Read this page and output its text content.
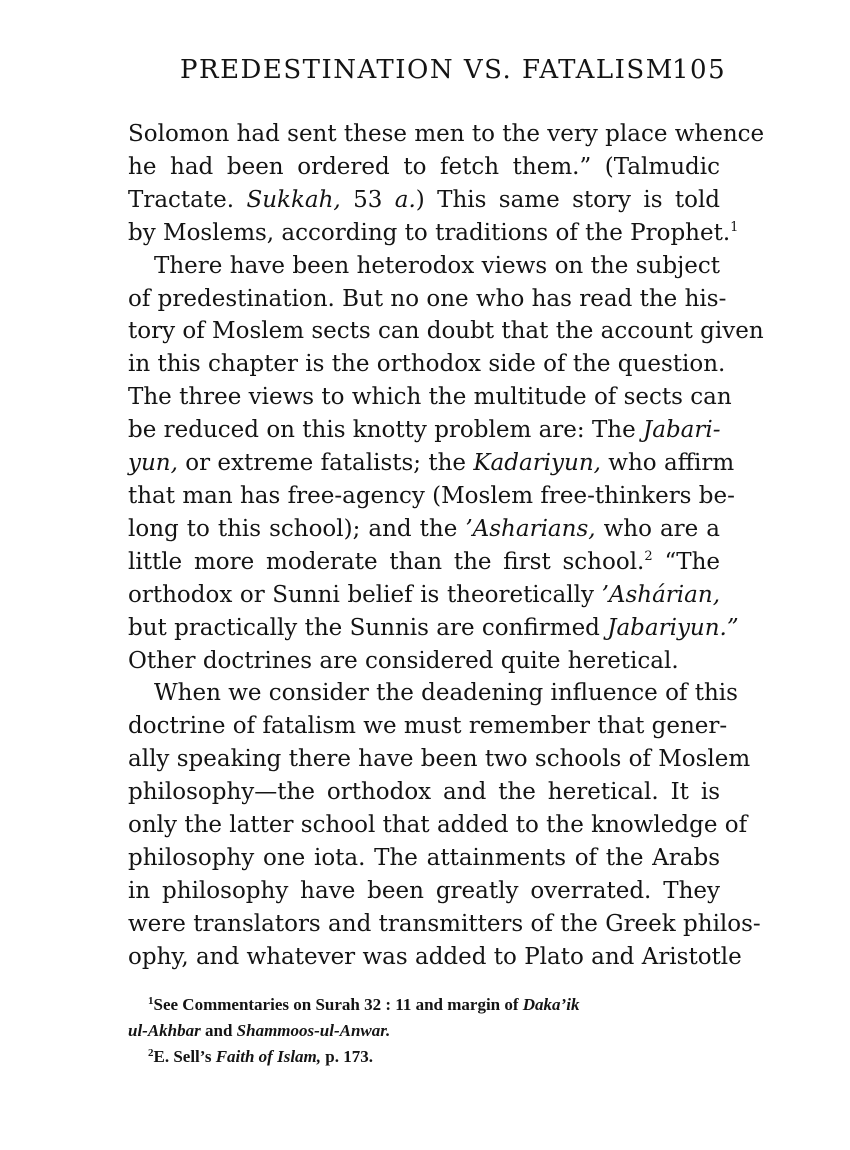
PREDESTINATION VS. FATALISM
105
Solomon had sent these men to the very place whence
he had been ordered to fetch them.” (Talmudic
Tractate. Sukkah, 53 a.) This same story is told
by Moslems, according to traditions of the Prophet.$^1$
There have been heterodox views on the subject
of predestination. But no one who has read the his-
tory of Moslem sects can doubt that the account given
in this chapter is the orthodox side of the question.
The three views to which the multitude of sects can
be reduced on this knotty problem are: The Jabari-
yun, or extreme fatalists; the Kadariyun, who affirm
that man has free-agency (Moslem free-thinkers be-
long to this school); and the ’Asharians, who are a
little more moderate than the first school.$^2$ “The
orthodox or Sunni belief is theoretically ’Ashárian,
but practically the Sunnis are confirmed Jabariyun.”
Other doctrines are considered quite heretical.
When we consider the deadening influence of this
doctrine of fatalism we must remember that gener-
ally speaking there have been two schools of Moslem
philosophy—the orthodox and the heretical. It is
only the latter school that added to the knowledge of
philosophy one iota. The attainments of the Arabs
in philosophy have been greatly overrated. They
were translators and transmitters of the Greek philos-
ophy, and whatever was added to Plato and Aristotle
$^1$See Commentaries on Surah 32 : 11 and margin of Daka’ik
ul-Akhbar and Shammoos-ul-Anwar.
$^2$E. Sell’s Faith of Islam, p. 173.
